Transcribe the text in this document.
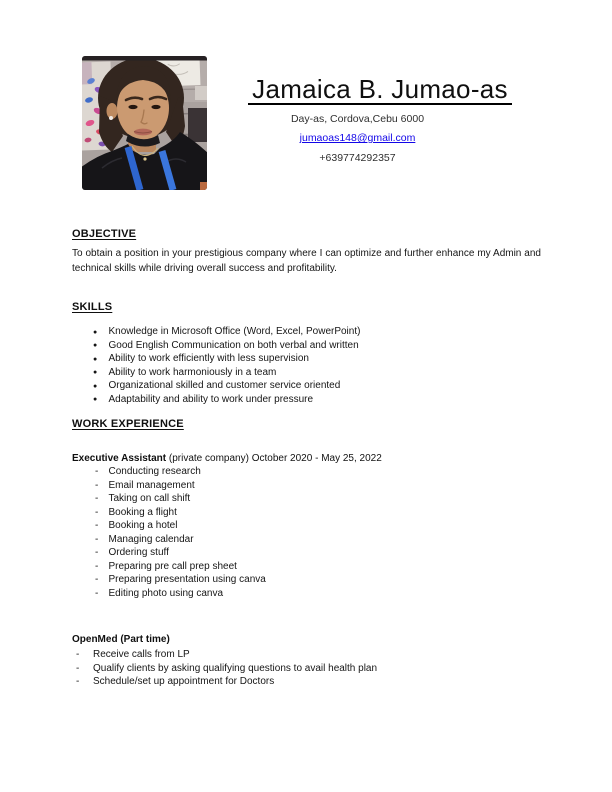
Jamaica B. Jumao-as
Day-as, Cordova,Cebu 6000
jumaoas148@gmail.com
+639774292357
OBJECTIVE

To obtain a position in your prestigious company where I can optimize and further enhance my Admin and technical skills while driving overall success and profitability.

SKILLS
● Knowledge in Microsoft Office (Word, Excel, PowerPoint)
● Good English Communication on both verbal and written
● Ability to work efficiently with less supervision
● Ability to work harmoniously in a team
● Organizational skilled and customer service oriented
● Adaptability and ability to work under pressure
WORK EXPERIENCE

Executive Assistant (private company) October 2020 - May 25, 2022

- Conducting research
- Email management
- Taking on call shift
- Booking a flight
- Booking a hotel
- Managing calendar
- Ordering stuff
- Preparing pre call prep sheet
- Preparing presentation using canva
- Editing photo using canva

OpenMed (Part time)

- Receive calls from LP
- Qualify clients by asking qualifying questions to avail health plan
- Schedule/set up appointment for Doctors
